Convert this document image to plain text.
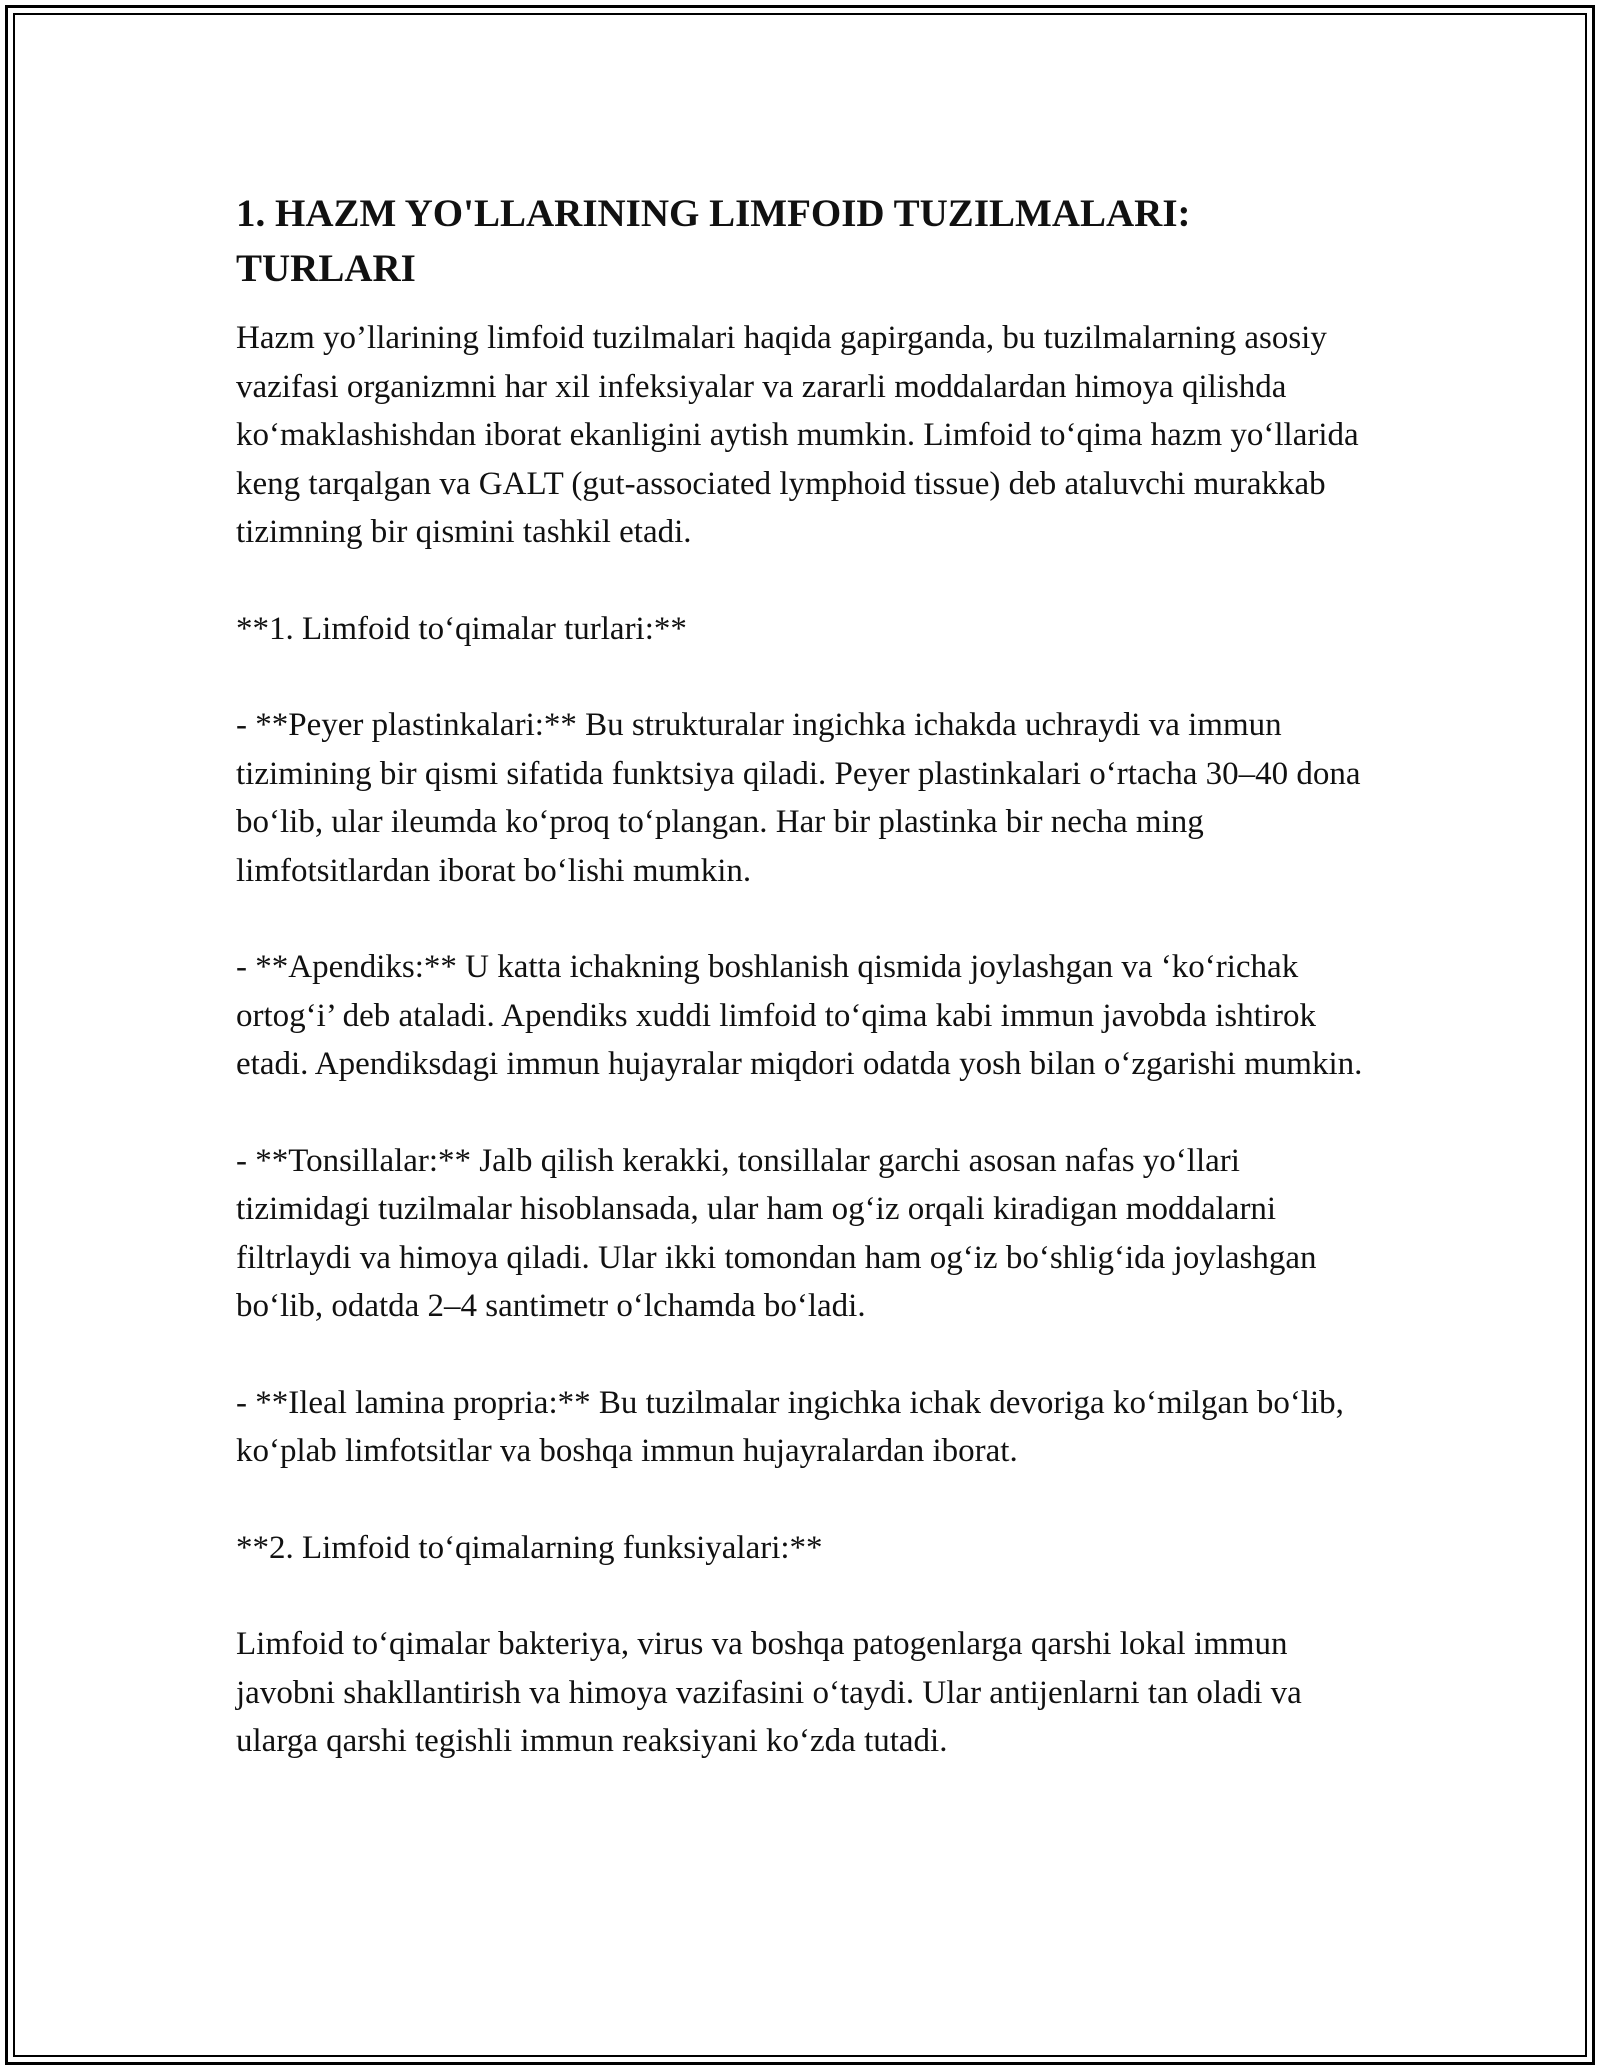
1. HAZM YO'LLARINING LIMFOID TUZILMALARI: TURLARI

Hazm yo’llarining limfoid tuzilmalari haqida gapirganda, bu tuzilmalarning asosiy vazifasi organizmni har xil infeksiyalar va zararli moddalardan himoya qilishda ko‘maklashishdan iborat ekanligini aytish mumkin. Limfoid to‘qima hazm yo‘llarida keng tarqalgan va GALT (gut-associated lymphoid tissue) deb ataluvchi murakkab tizimning bir qismini tashkil etadi.

**1. Limfoid to‘qimalar turlari:**

- **Peyer plastinkalari:** Bu strukturalar ingichka ichakda uchraydi va immun tizimining bir qismi sifatida funktsiya qiladi. Peyer plastinkalari o‘rtacha 30–40 dona bo‘lib, ular ileumda ko‘proq to‘plangan. Har bir plastinka bir necha ming limfotsitlardan iborat bo‘lishi mumkin.

- **Apendiks:** U katta ichakning boshlanish qismida joylashgan va ‘ko‘richak ortog‘i’ deb ataladi. Apendiks xuddi limfoid to‘qima kabi immun javobda ishtirok etadi. Apendiksdagi immun hujayralar miqdori odatda yosh bilan o‘zgarishi mumkin.

- **Tonsillalar:** Jalb qilish kerakki, tonsillalar garchi asosan nafas yo‘llari tizimidagi tuzilmalar hisoblansada, ular ham og‘iz orqali kiradigan moddalarni filtrlaydi va himoya qiladi. Ular ikki tomondan ham og‘iz bo‘shlig‘ida joylashgan bo‘lib, odatda 2–4 santimetr o‘lchamda bo‘ladi.

- **Ileal lamina propria:** Bu tuzilmalar ingichka ichak devoriga ko‘milgan bo‘lib, ko‘plab limfotsitlar va boshqa immun hujayralardan iborat.

**2. Limfoid to‘qimalarning funksiyalari:**

Limfoid to‘qimalar bakteriya, virus va boshqa patogenlarga qarshi lokal immun javobni shakllantirish va himoya vazifasini o‘taydi. Ular antijenlarni tan oladi va ularga qarshi tegishli immun reaksiyani ko‘zda tutadi.
